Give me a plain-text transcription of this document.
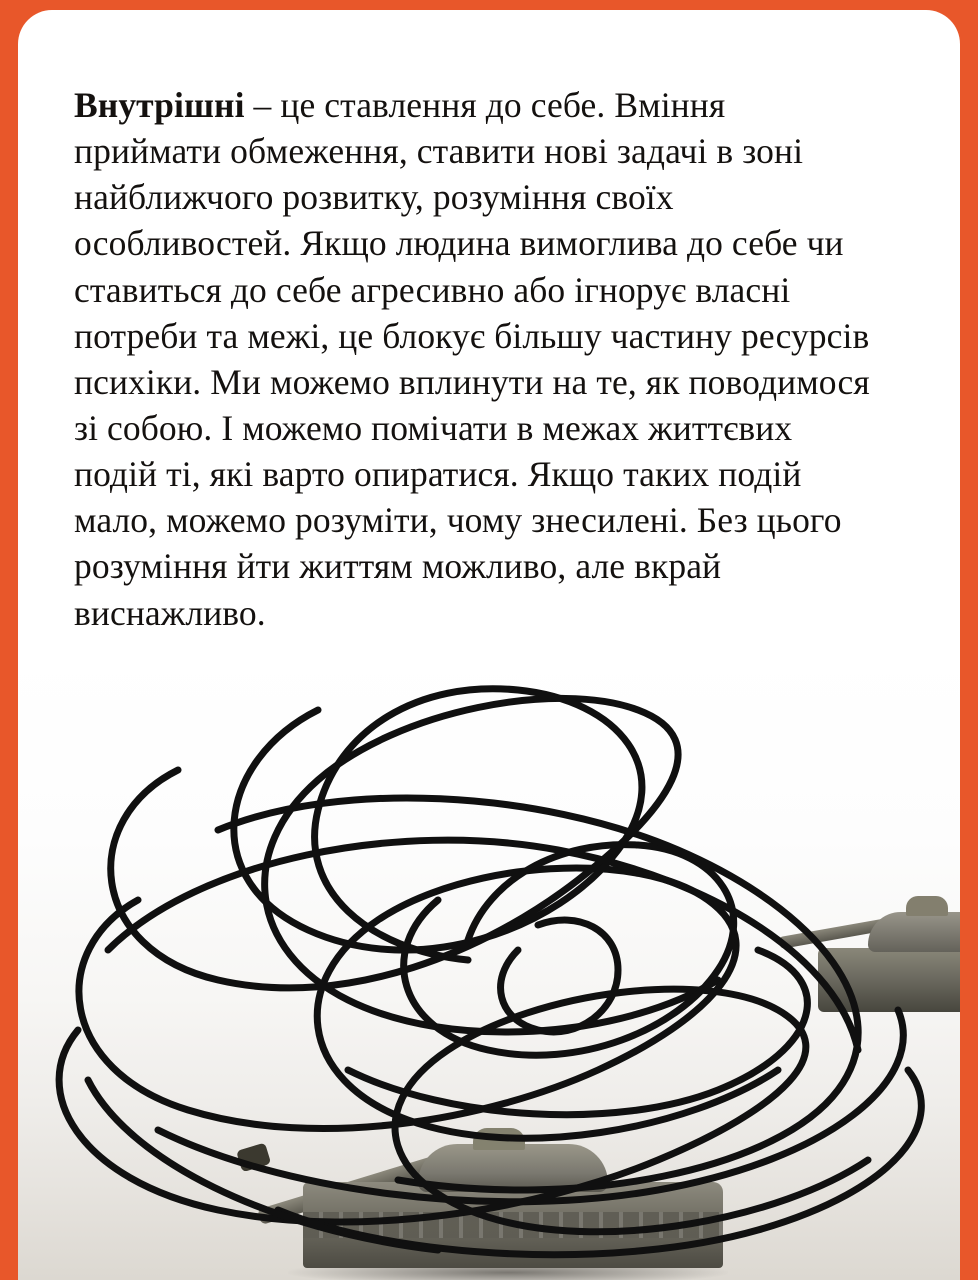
Внутрішні – це ставлення до себе. Вміння приймати обмеження, ставити нові задачі в зоні найближчого розвитку, розуміння своїх особливостей. Якщо людина вимоглива до себе чи ставиться до себе агресивно або ігнорує власні потреби та межі, це блокує більшу частину ресурсів психіки. Ми можемо вплинути на те, як поводимося зі собою. І можемо помічати в межах життєвих подій ті, які варто опиратися. Якщо таких подій мало, можемо розуміти, чому знесилені. Без цього розуміння йти життям можливо, але вкрай виснажливо.
